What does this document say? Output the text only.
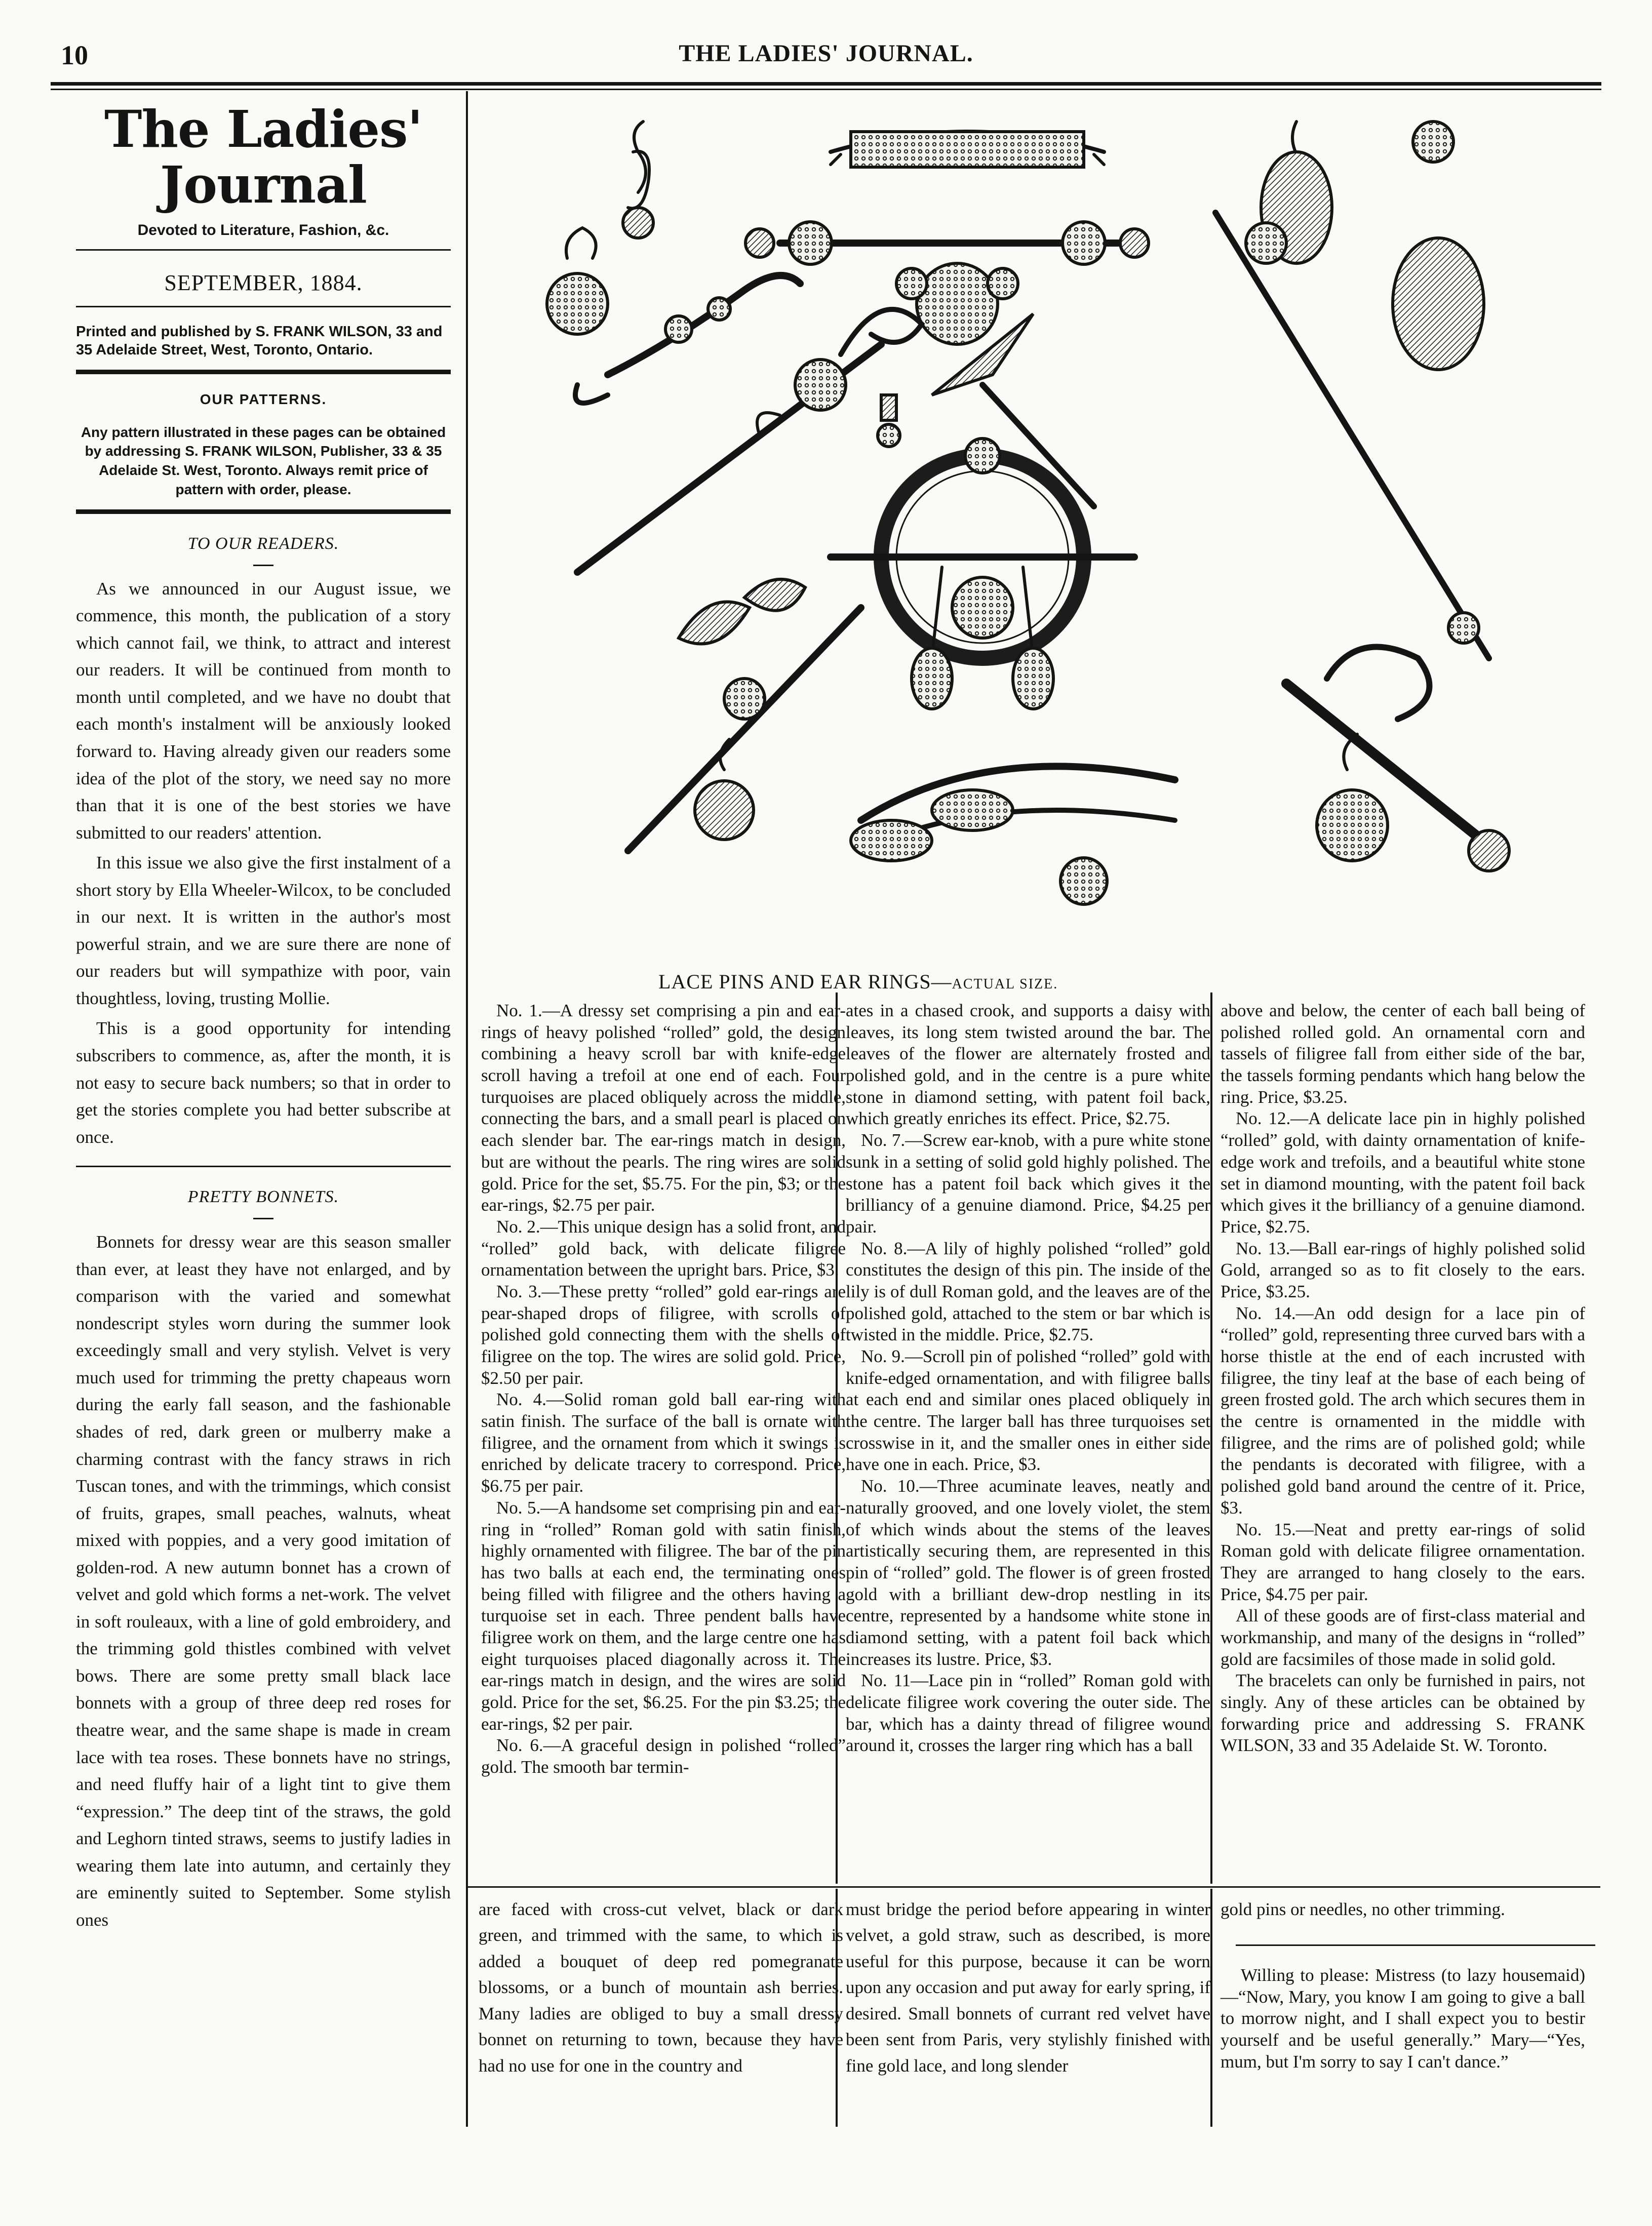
10	THE LADIES' JOURNAL.
The Ladies' Journal
Devoted to Literature, Fashion, &c.
SEPTEMBER, 1884.
Printed and published by S. FRANK WILSON, 33 and 35 Adelaide Street, West, Toronto, Ontario.
OUR PATTERNS.
Any pattern illustrated in these pages can be obtained by addressing S. FRANK WILSON, Publisher, 33 & 35 Adelaide St. West, Toronto. Always remit price of pattern with order, please.
TO OUR READERS.

As we announced in our August issue, we commence, this month, the publication of a story which cannot fail, we think, to attract and interest our readers. It will be continued from month to month until completed, and we have no doubt that each month's instalment will be anxiously looked forward to. Having already given our readers some idea of the plot of the story, we need say no more than that it is one of the best stories we have submitted to our readers' attention.

In this issue we also give the first instalment of a short story by Ella Wheeler-Wilcox, to be concluded in our next. It is written in the author's most powerful strain, and we are sure there are none of our readers but will sympathize with poor, vain thoughtless, loving, trusting Mollie.

This is a good opportunity for intending subscribers to commence, as, after the month, it is not easy to secure back numbers; so that in order to get the stories complete you had better subscribe at once.

PRETTY BONNETS.

Bonnets for dressy wear are this season smaller than ever, at least they have not enlarged, and by comparison with the varied and somewhat nondescript styles worn during the summer look exceedingly small and very stylish. Velvet is very much used for trimming the pretty chapeaus worn during the early fall season, and the fashionable shades of red, dark green or mulberry make a charming contrast with the fancy straws in rich Tuscan tones, and with the trimmings, which consist of fruits, grapes, small peaches, walnuts, wheat mixed with poppies, and a very good imitation of golden-rod. A new autumn bonnet has a crown of velvet and gold which forms a net-work. The velvet in soft rouleaux, with a line of gold embroidery, and the trimming gold thistles combined with velvet bows. There are some pretty small black lace bonnets with a group of three deep red roses for theatre wear, and the same shape is made in cream lace with tea roses. These bonnets have no strings, and need fluffy hair of a light tint to give them “expression.” The deep tint of the straws, the gold and Leghorn tinted straws, seems to justify ladies in wearing them late into autumn, and certainly they are eminently suited to September. Some stylish ones

LACE PINS AND EAR RINGS—ACTUAL SIZE.

No. 1.—A dressy set comprising a pin and ear-rings of heavy polished “rolled” gold, the design combining a heavy scroll bar with knife-edge scroll having a trefoil at one end of each. Four turquoises are placed obliquely across the middle, connecting the bars, and a small pearl is placed on each slender bar. The ear-rings match in design, but are without the pearls. The ring wires are solid gold. Price for the set, $5.75. For the pin, $3; or the ear-rings, $2.75 per pair.

No. 2.—This unique design has a solid front, and “rolled” gold back, with delicate filigree ornamentation between the upright bars. Price, $3.

No. 3.—These pretty “rolled” gold ear-rings are pear-shaped drops of filigree, with scrolls of polished gold connecting them with the shells of filigree on the top. The wires are solid gold. Price, $2.50 per pair.

No. 4.—Solid roman gold ball ear-ring with satin finish. The surface of the ball is ornate with filigree, and the ornament from which it swings is enriched by delicate tracery to correspond. Price, $6.75 per pair.

No. 5.—A handsome set comprising pin and ear-ring in “rolled” Roman gold with satin finish, highly ornamented with filigree. The bar of the pin has two balls at each end, the terminating ones being filled with filigree and the others having a turquoise set in each. Three pendent balls have filigree work on them, and the large centre one has eight turquoises placed diagonally across it. The ear-rings match in design, and the wires are solid gold. Price for the set, $6.25. For the pin $3.25; the ear-rings, $2 per pair.

No. 6.—A graceful design in polished “rolled” gold. The smooth bar termin-

ates in a chased crook, and supports a daisy with leaves, its long stem twisted around the bar. The leaves of the flower are alternately frosted and polished gold, and in the centre is a pure white stone in diamond setting, with patent foil back, which greatly enriches its effect. Price, $2.75.

No. 7.—Screw ear-knob, with a pure white stone sunk in a setting of solid gold highly polished. The stone has a patent foil back which gives it the brilliancy of a genuine diamond. Price, $4.25 per pair.

No. 8.—A lily of highly polished “rolled” gold constitutes the design of this pin. The inside of the lily is of dull Roman gold, and the leaves are of the polished gold, attached to the stem or bar which is twisted in the middle. Price, $2.75.

No. 9.—Scroll pin of polished “rolled” gold with knife-edged ornamentation, and with filigree balls at each end and similar ones placed obliquely in the centre. The larger ball has three turquoises set crosswise in it, and the smaller ones in either side have one in each. Price, $3.

No. 10.—Three acuminate leaves, neatly and naturally grooved, and one lovely violet, the stem of which winds about the stems of the leaves artistically securing them, are represented in this pin of “rolled” gold. The flower is of green frosted gold with a brilliant dew-drop nestling in its centre, represented by a handsome white stone in diamond setting, with a patent foil back which increases its lustre. Price, $3.

No. 11—Lace pin in “rolled” Roman gold with delicate filigree work covering the outer side. The bar, which has a dainty thread of filigree wound around it, crosses the larger ring which has a ball

above and below, the center of each ball being of polished rolled gold. An ornamental corn and tassels of filigree fall from either side of the bar, the tassels forming pendants which hang below the ring. Price, $3.25.

No. 12.—A delicate lace pin in highly polished “rolled” gold, with dainty ornamentation of knife-edge work and trefoils, and a beautiful white stone set in diamond mounting, with the patent foil back which gives it the brilliancy of a genuine diamond. Price, $2.75.

No. 13.—Ball ear-rings of highly polished solid Gold, arranged so as to fit closely to the ears. Price, $3.25.

No. 14.—An odd design for a lace pin of “rolled” gold, representing three curved bars with a horse thistle at the end of each incrusted with filigree, the tiny leaf at the base of each being of green frosted gold. The arch which secures them in the centre is ornamented in the middle with filigree, and the rims are of polished gold; while the pendants is decorated with filigree, with a polished gold band around the centre of it. Price, $3.

No. 15.—Neat and pretty ear-rings of solid Roman gold with delicate filigree ornamentation. They are arranged to hang closely to the ears. Price, $4.75 per pair.

All of these goods are of first-class material and workmanship, and many of the designs in “rolled” gold are facsimiles of those made in solid gold.

The bracelets can only be furnished in pairs, not singly. Any of these articles can be obtained by forwarding price and addressing S. FRANK WILSON, 33 and 35 Adelaide St. W. Toronto.

are faced with cross-cut velvet, black or dark green, and trimmed with the same, to which is added a bouquet of deep red pomegranate blossoms, or a bunch of mountain ash berries. Many ladies are obliged to buy a small dressy bonnet on returning to town, because they have had no use for one in the country and

must bridge the period before appearing in winter velvet, a gold straw, such as described, is more useful for this purpose, because it can be worn upon any occasion and put away for early spring, if desired. Small bonnets of currant red velvet have been sent from Paris, very stylishly finished with fine gold lace, and long slender

gold pins or needles, no other trimming.

Willing to please: Mistress (to lazy housemaid)—“Now, Mary, you know I am going to give a ball to morrow night, and I shall expect you to bestir yourself and be useful generally.” Mary—“Yes, mum, but I'm sorry to say I can't dance.”
